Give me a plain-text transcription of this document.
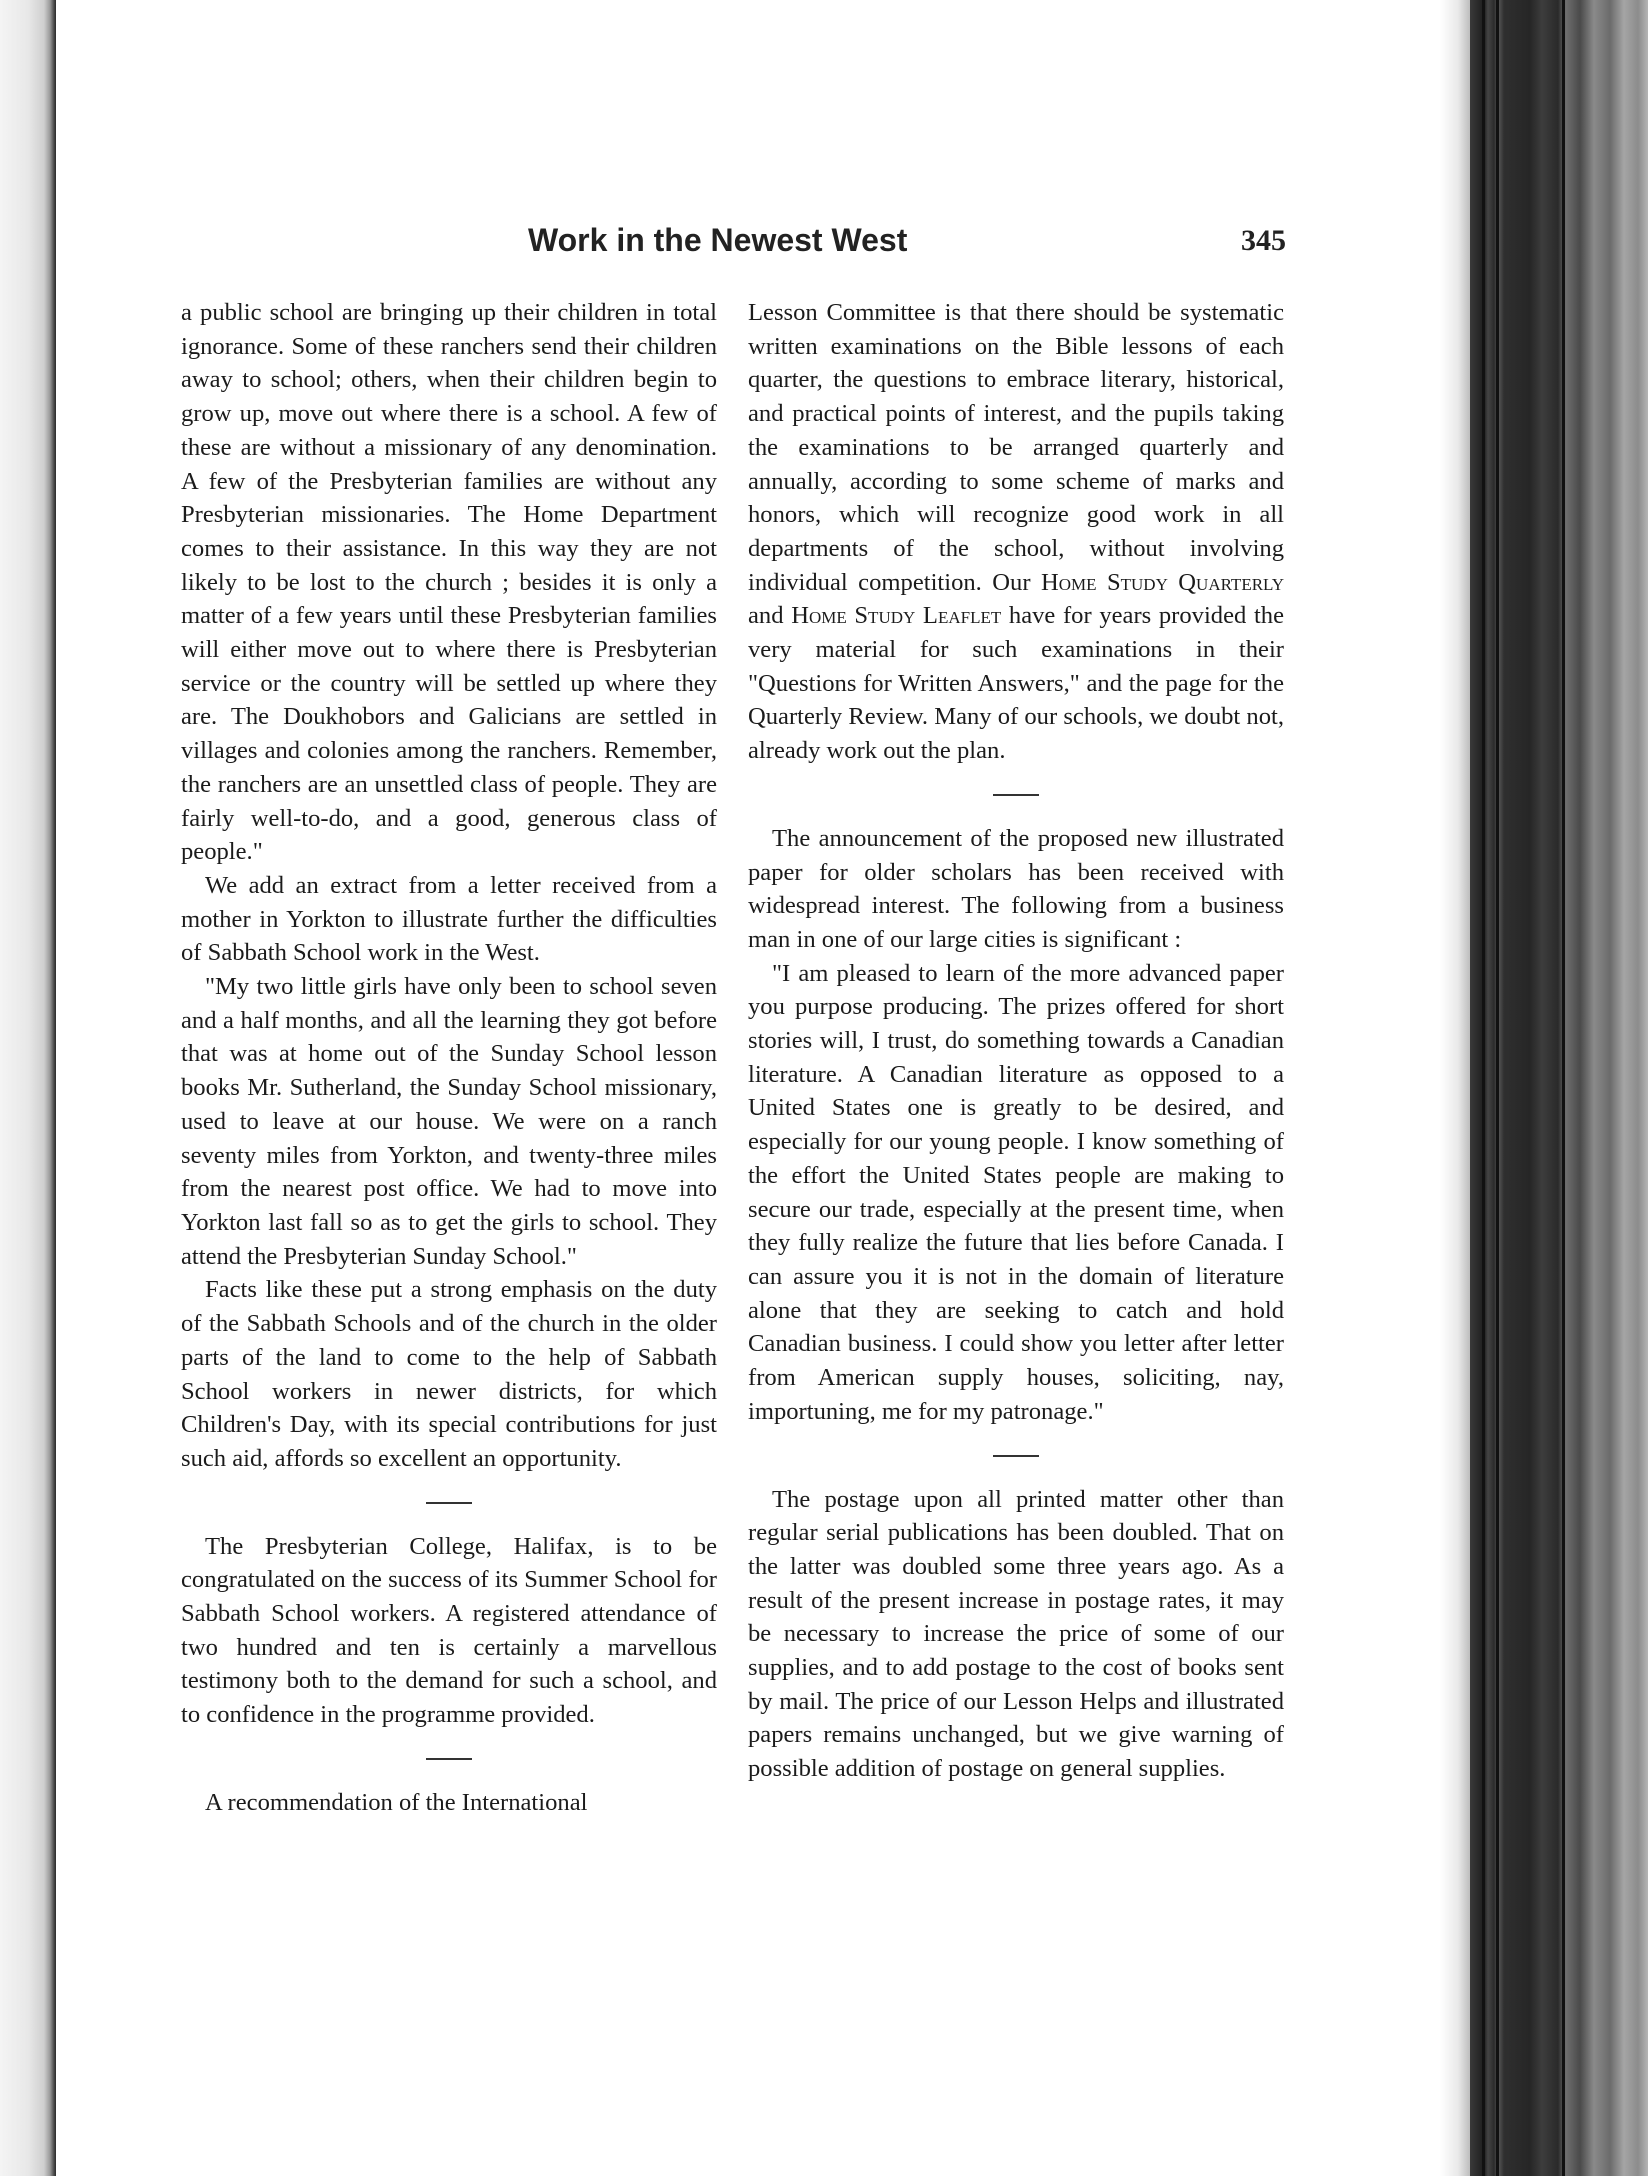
Work in the Newest West	345

a public school are bringing up their children in total ignorance. Some of these ranchers send their children away to school; others, when their children begin to grow up, move out where there is a school. A few of these are without a missionary of any denomination. A few of the Presbyterian families are without any Presbyterian missionaries. The Home Department comes to their assistance. In this way they are not likely to be lost to the church ; besides it is only a matter of a few years until these Presbyterian families will either move out to where there is Presbyterian service or the country will be settled up where they are. The Doukhobors and Galicians are settled in villages and colonies among the ranchers. Remember, the ranchers are an unsettled class of people. They are fairly well-to-do, and a good, generous class of people."

We add an extract from a letter received from a mother in Yorkton to illustrate further the difficulties of Sabbath School work in the West.

"My two little girls have only been to school seven and a half months, and all the learning they got before that was at home out of the Sunday School lesson books Mr. Sutherland, the Sunday School missionary, used to leave at our house. We were on a ranch seventy miles from Yorkton, and twenty-three miles from the nearest post office. We had to move into Yorkton last fall so as to get the girls to school. They attend the Presbyterian Sunday School."

Facts like these put a strong emphasis on the duty of the Sabbath Schools and of the church in the older parts of the land to come to the help of Sabbath School workers in newer districts, for which Children's Day, with its special contributions for just such aid, affords so excellent an opportunity.

The Presbyterian College, Halifax, is to be congratulated on the success of its Summer School for Sabbath School workers. A registered attendance of two hundred and ten is certainly a marvellous testimony both to the demand for such a school, and to confidence in the programme provided.

A recommendation of the International

Lesson Committee is that there should be systematic written examinations on the Bible lessons of each quarter, the questions to embrace literary, historical, and practical points of interest, and the pupils taking the examinations to be arranged quarterly and annually, according to some scheme of marks and honors, which will recognize good work in all departments of the school, without involving individual competition. Our Home Study Quarterly and Home Study Leaflet have for years provided the very material for such examinations in their "Questions for Written Answers," and the page for the Quarterly Review. Many of our schools, we doubt not, already work out the plan.

The announcement of the proposed new illustrated paper for older scholars has been received with widespread interest. The following from a business man in one of our large cities is significant :

"I am pleased to learn of the more advanced paper you purpose producing. The prizes offered for short stories will, I trust, do something towards a Canadian literature. A Canadian literature as opposed to a United States one is greatly to be desired, and especially for our young people. I know something of the effort the United States people are making to secure our trade, especially at the present time, when they fully realize the future that lies before Canada. I can assure you it is not in the domain of literature alone that they are seeking to catch and hold Canadian business. I could show you letter after letter from American supply houses, soliciting, nay, importuning, me for my patronage."

The postage upon all printed matter other than regular serial publications has been doubled. That on the latter was doubled some three years ago. As a result of the present increase in postage rates, it may be necessary to increase the price of some of our supplies, and to add postage to the cost of books sent by mail. The price of our Lesson Helps and illustrated papers remains unchanged, but we give warning of possible addition of postage on general supplies.
